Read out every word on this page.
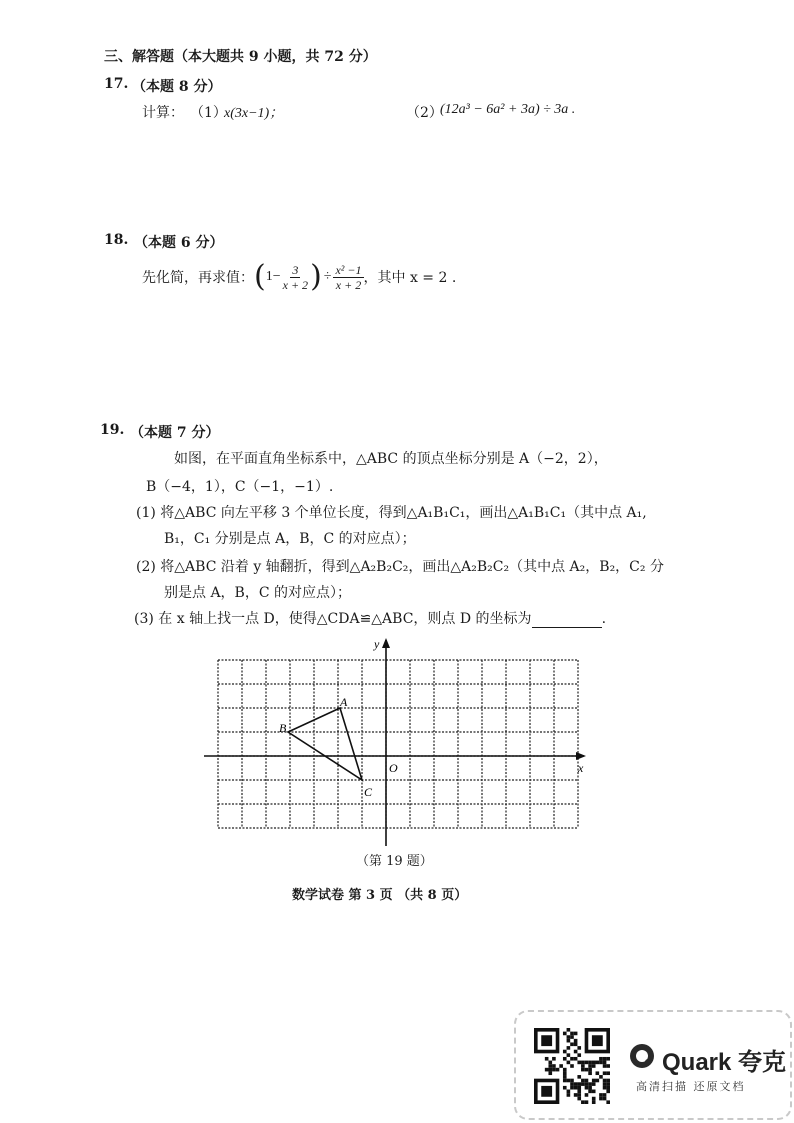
三、解答题（本大题共 9 小题，共 72 分）
17. （本题 8 分）
计算： （1）
x(3x−1)；	（2）
(12a³ − 6a² + 3a) ÷ 3a .
18. （本题 6 分）
先化简，再求值： ( $1- \frac{3}{x + 2}$ ) ÷ $\frac{\text{x² −1}}{x + 2}$ ，其中 x = 2 .
19. （本题 7 分）
如图，在平面直角坐标系中，△ABC 的顶点坐标分别是 A（−2，2），
B（−4，1），C（−1，−1）.
(1) 将△ABC 向左平移 3 个单位长度，得到△A₁B₁C₁，画出△A₁B₁C₁（其中点 A₁,
B₁，C₁ 分别是点 A，B，C 的对应点）；
(2) 将△ABC 沿着 y 轴翻折，得到△A₂B₂C₂，画出△A₂B₂C₂（其中点 A₂，B₂，C₂ 分
别是点 A，B，C 的对应点）；
(3) 在 x 轴上找一点 D，使得△CDA≌△ABC，则点 D 的坐标为	.
x
y
O
A
B
C
（第 19 题）
数学试卷 第 3 页 （共 8 页）
Quark 夸克
高清扫描 还原文档
